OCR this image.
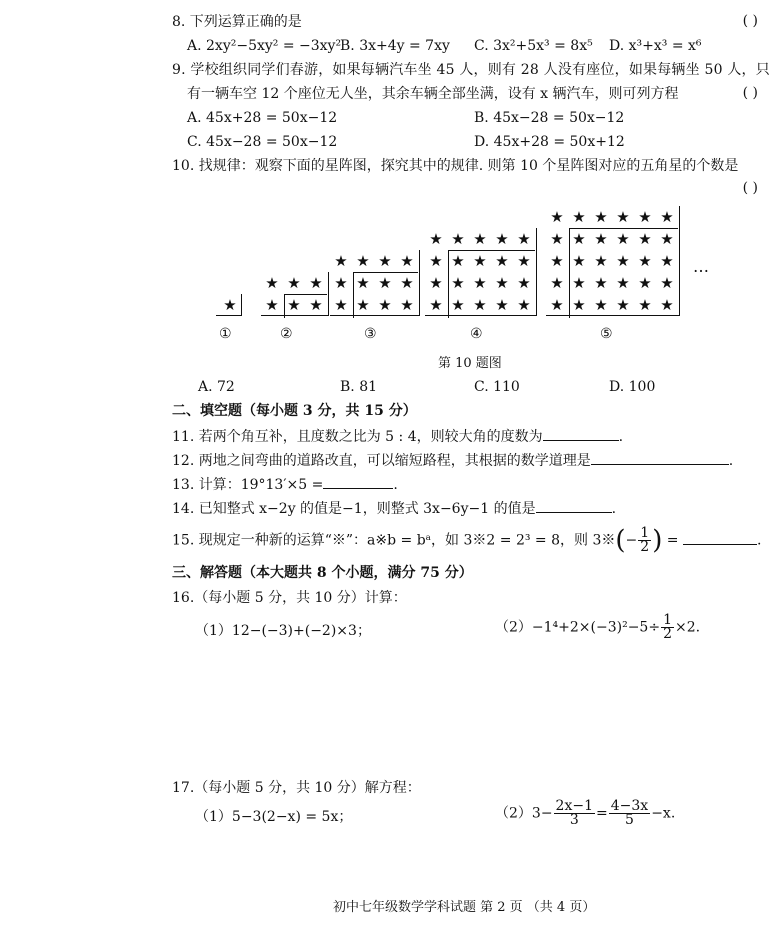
8. 下列运算正确的是	( )
A. 2xy²−5xy² = −3xy²
B. 3x+4y = 7xy C. 3x²+5x³ = 8x⁵ D. x³+x³ = x⁶
9. 学校组织同学们春游，如果每辆汽车坐 45 人，则有 28 人没有座位，如果每辆坐 50 人，只
有一辆车空 12 个座位无人坐，其余车辆全部坐满，设有 x 辆汽车，则可列方程	( )
A. 45x+28 = 50x−12	B. 45x−28 = 50x−12
C. 45x−28 = 50x−12	D. 45x+28 = 50x+12
10. 找规律：观察下面的星阵图，探究其中的规律. 则第 10 个星阵图对应的五角星的个数是
( )
★
①
★ ★ ★
★ ★ ★
②
★ ★ ★ ★
★ ★ ★ ★
★ ★ ★ ★
③
★ ★ ★ ★ ★
★ ★ ★ ★ ★
★ ★ ★ ★ ★
★ ★ ★ ★ ★
④
★ ★ ★ ★ ★ ★
★ ★ ★ ★ ★ ★
★ ★ ★ ★ ★ ★
★ ★ ★ ★ ★ ★
★ ★ ★ ★ ★ ★
⑤
…
第 10 题图
A. 72	B. 81	C. 110	D. 100
二、填空题（每小题 3 分，共 15 分）
11. 若两个角互补，且度数之比为 5 : 4，则较大角的度数为	.
12. 两地之间弯曲的道路改直，可以缩短路程，其根据的数学道理是	.
13. 计算：19°13′×5 =	.
14. 已知整式 x−2y 的值是−1，则整式 3x−6y−1 的值是	.
15. 现规定一种新的运算“※”：a※b = bᵃ，如 3※2 = 2³ = 8，则 3※(− $\frac{1}{2}$ ) =	.
三、解答题（本大题共 8 个小题，满分 75 分）
16.（每小题 5 分，共 10 分）计算：
（1）12−(−3)+(−2)×3；	$(2)-1^4+2\times(-3)^2-5\div \frac{1}{2} \times 2$.
17.（每小题 5 分，共 10 分）解方程：
（1）5−3(2−x) = 5x；	$(2)3- \frac{2x-1}{3} = \frac{4-3x}{5} -x$.
初中七年级数学学科试题 第 2 页 （共 4 页）
